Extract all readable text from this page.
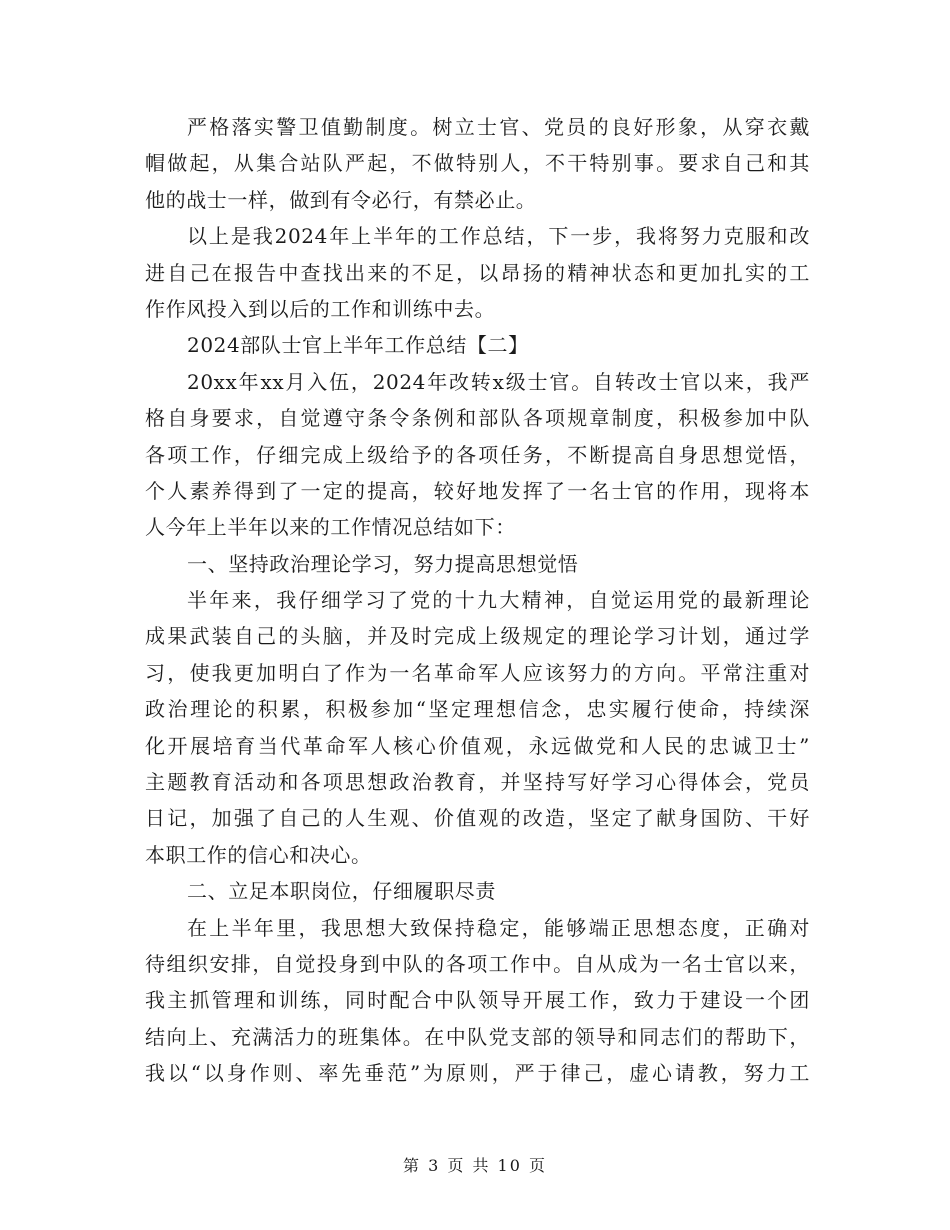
严格落实警卫值勤制度。树立士官、党员的良好形象，从穿衣戴
帽做起，从集合站队严起，不做特别人，不干特别事。要求自己和其
他的战士一样，做到有令必行，有禁必止。
以上是我2024年上半年的工作总结，下一步，我将努力克服和改
进自己在报告中查找出来的不足，以昂扬的精神状态和更加扎实的工
作作风投入到以后的工作和训练中去。
2024部队士官上半年工作总结【二】
20xx年xx月入伍，2024年改转x级士官。自转改士官以来，我严
格自身要求，自觉遵守条令条例和部队各项规章制度，积极参加中队
各项工作，仔细完成上级给予的各项任务，不断提高自身思想觉悟，
个人素养得到了一定的提高，较好地发挥了一名士官的作用，现将本
人今年上半年以来的工作情况总结如下：
一、坚持政治理论学习，努力提高思想觉悟
半年来，我仔细学习了党的十九大精神，自觉运用党的最新理论
成果武装自己的头脑，并及时完成上级规定的理论学习计划，通过学
习，使我更加明白了作为一名革命军人应该努力的方向。平常注重对
政治理论的积累，积极参加“坚定理想信念，忠实履行使命，持续深
化开展培育当代革命军人核心价值观，永远做党和人民的忠诚卫士”
主题教育活动和各项思想政治教育，并坚持写好学习心得体会，党员
日记，加强了自己的人生观、价值观的改造，坚定了献身国防、干好
本职工作的信心和决心。
二、立足本职岗位，仔细履职尽责
在上半年里，我思想大致保持稳定，能够端正思想态度，正确对
待组织安排，自觉投身到中队的各项工作中。自从成为一名士官以来，
我主抓管理和训练，同时配合中队领导开展工作，致力于建设一个团
结向上、充满活力的班集体。在中队党支部的领导和同志们的帮助下，
我以“以身作则、率先垂范”为原则，严于律己，虚心请教，努力工
第 3 页 共 10 页
